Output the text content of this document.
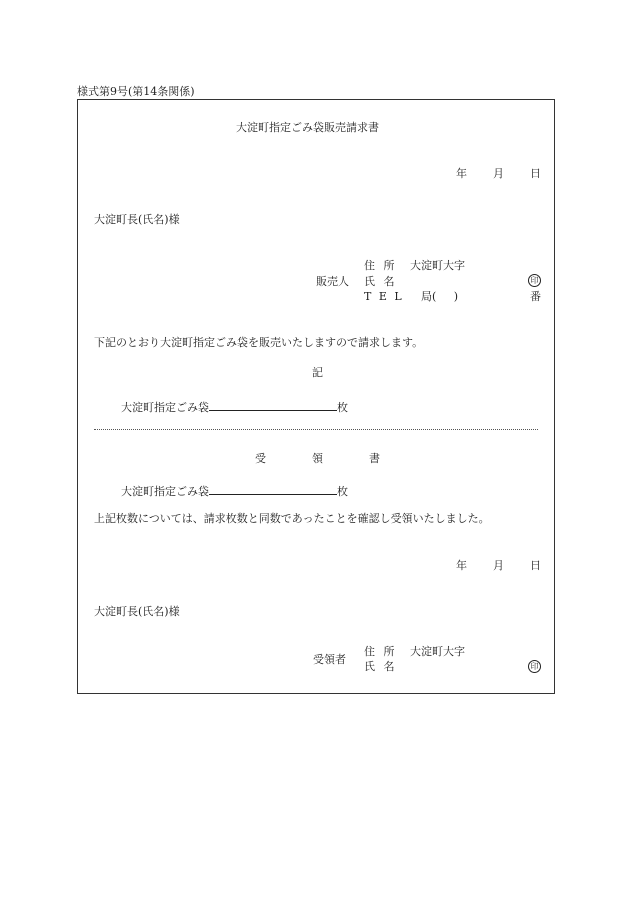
様式第9号(第14条関係)
大淀町指定ごみ袋販売請求書
年 月 日
大淀町長(氏名)様
住 所 大淀町大字
販売人 氏 名	印
T E L 局(     )	番
下記のとおり大淀町指定ごみ袋を販売いたしますので請求します。
記
大淀町指定ごみ袋	枚
受	領	書
大淀町指定ごみ袋	枚
上記枚数については、請求枚数と同数であったことを確認し受領いたしました。
年 月 日
大淀町長(氏名)様
住 所 大淀町大字
受領者
氏 名	印
